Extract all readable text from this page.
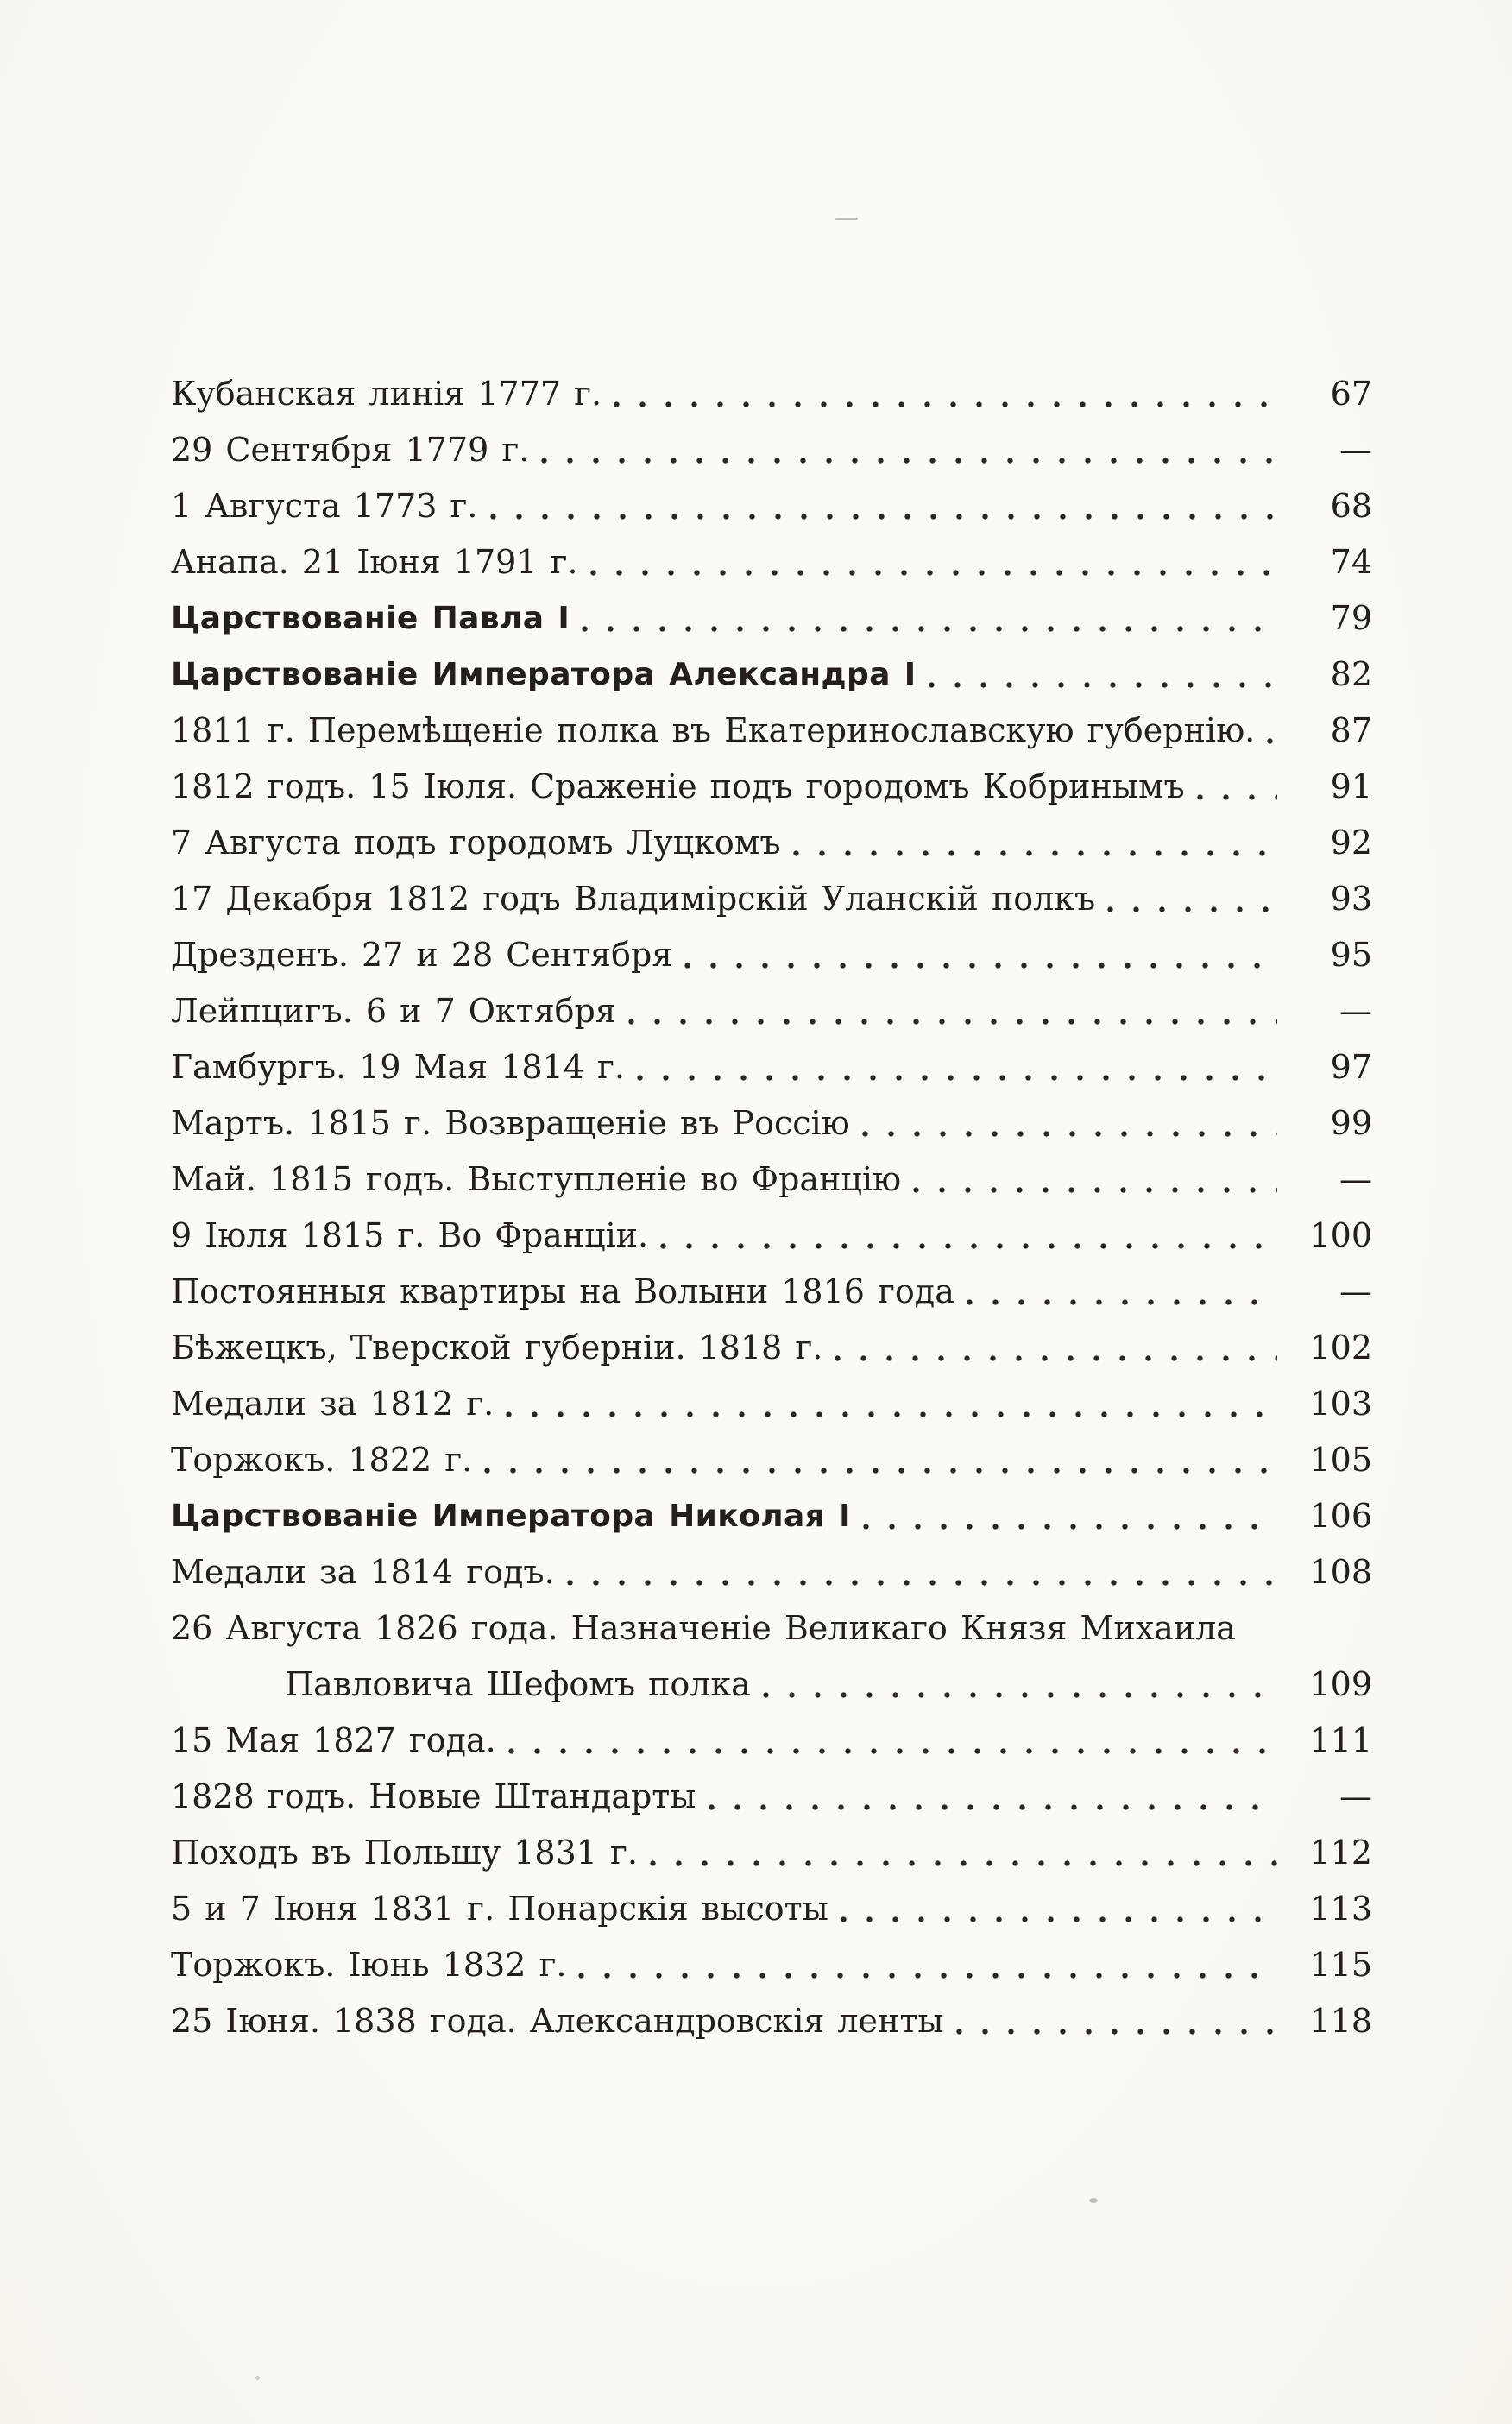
Кубанская линія 1777 г.	67
29 Сентября 1779 г.	—
1 Августа 1773 г.	68
Анапа. 21 Іюня 1791 г.	74
Царствованіе Павла I	79
Царствованіе Императора Александра I	82
1811 г. Перемѣщеніе полка въ Екатеринославскую губернію.	87
1812 годъ. 15 Іюля. Сраженіе подъ городомъ Кобринымъ	91
7 Августа подъ городомъ Луцкомъ	92
17 Декабря 1812 годъ Владимірскій Уланскій полкъ	93
Дрезденъ. 27 и 28 Сентября	95
Лейпцигъ. 6 и 7 Октября	—
Гамбургъ. 19 Мая 1814 г.	97
Мартъ. 1815 г. Возвращеніе въ Россію	99
Май. 1815 годъ. Выступленіе во Францію	—
9 Іюля 1815 г. Во Франціи.	100
Постоянныя квартиры на Волыни 1816 года	—
Бѣжецкъ, Тверской губерніи. 1818 г.	102
Медали за 1812 г.	103
Торжокъ. 1822 г.	105
Царствованіе Императора Николая I	106
Медали за 1814 годъ.	108
26 Августа 1826 года. Назначеніе Великаго Князя Михаила
Павловича Шефомъ полка	109
15 Мая 1827 года.	111
1828 годъ. Новые Штандарты	—
Походъ въ Польшу 1831 г.	112
5 и 7 Іюня 1831 г. Понарскія высоты	113
Торжокъ. Іюнь 1832 г.	115
25 Іюня. 1838 года. Александровскія ленты	118
